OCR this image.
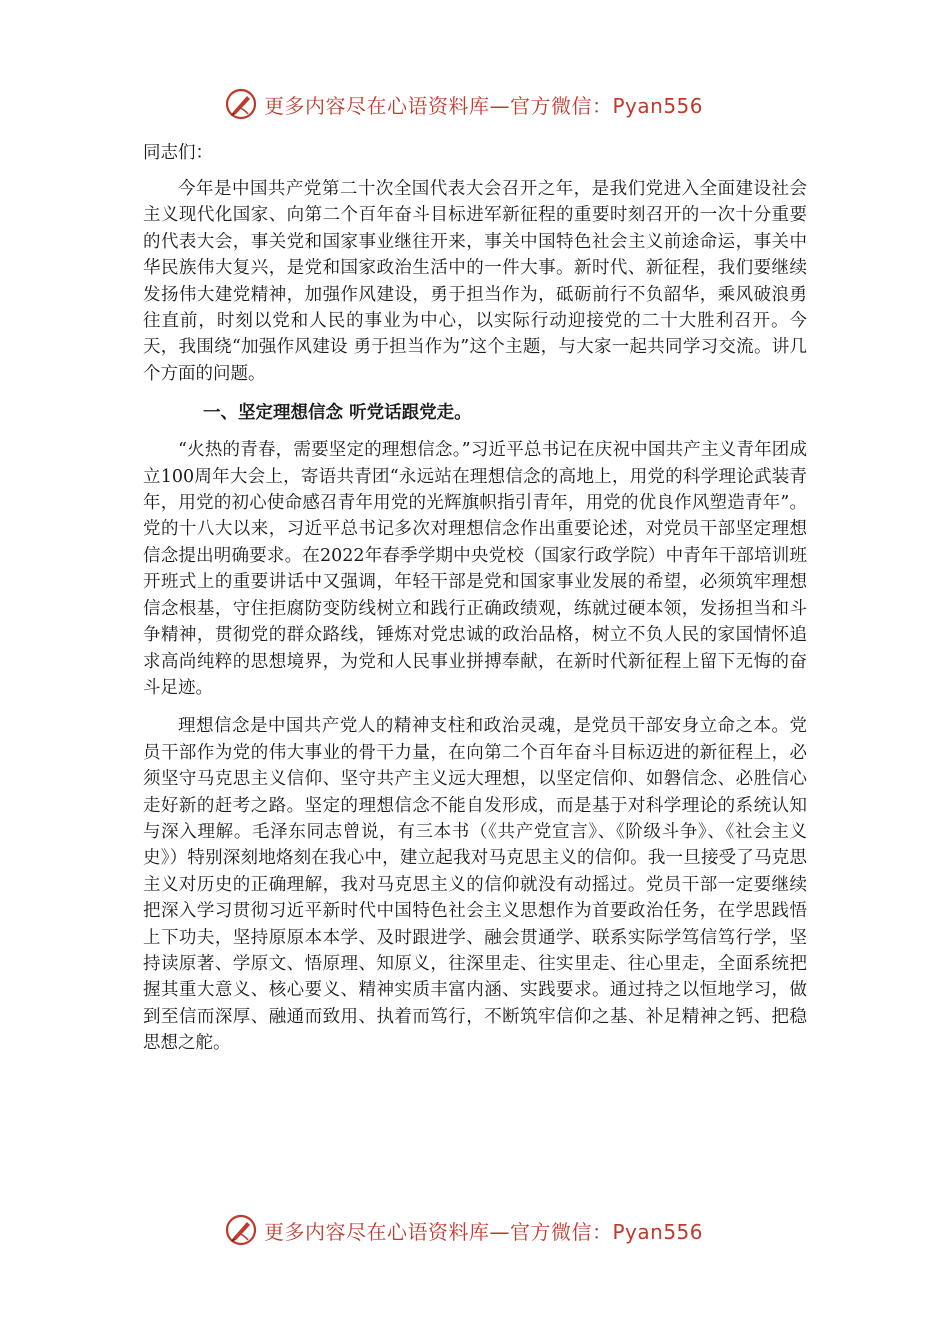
更多内容尽在心语资料库—官方微信：Pyan556

同志们：

今年是中国共产党第二十次全国代表大会召开之年，是我们党进入全面建设社会主义现代化国家、向第二个百年奋斗目标进军新征程的重要时刻召开的一次十分重要的代表大会，事关党和国家事业继往开来，事关中国特色社会主义前途命运，事关中华民族伟大复兴，是党和国家政治生活中的一件大事。新时代、新征程，我们要继续发扬伟大建党精神，加强作风建设，勇于担当作为，砥砺前行不负韶华，乘风破浪勇往直前，时刻以党和人民的事业为中心，以实际行动迎接党的二十大胜利召开。今天，我围绕“加强作风建设 勇于担当作为”这个主题，与大家一起共同学习交流。讲几个方面的问题。

一、坚定理想信念 听党话跟党走。

“火热的青春，需要坚定的理想信念。”习近平总书记在庆祝中国共产主义青年团成立100周年大会上，寄语共青团“永远站在理想信念的高地上，用党的科学理论武装青年，用党的初心使命感召青年用党的光辉旗帜指引青年，用党的优良作风塑造青年”。党的十八大以来，习近平总书记多次对理想信念作出重要论述，对党员干部坚定理想信念提出明确要求。在2022年春季学期中央党校（国家行政学院）中青年干部培训班开班式上的重要讲话中又强调，年轻干部是党和国家事业发展的希望，必须筑牢理想信念根基，守住拒腐防变防线树立和践行正确政绩观，练就过硬本领，发扬担当和斗争精神，贯彻党的群众路线，锤炼对党忠诚的政治品格，树立不负人民的家国情怀追求高尚纯粹的思想境界，为党和人民事业拼搏奉献，在新时代新征程上留下无悔的奋斗足迹。

理想信念是中国共产党人的精神支柱和政治灵魂，是党员干部安身立命之本。党员干部作为党的伟大事业的骨干力量，在向第二个百年奋斗目标迈进的新征程上，必须坚守马克思主义信仰、坚守共产主义远大理想，以坚定信仰、如磐信念、必胜信心走好新的赶考之路。坚定的理想信念不能自发形成，而是基于对科学理论的系统认知与深入理解。毛泽东同志曾说，有三本书（《共产党宣言》、《阶级斗争》、《社会主义史》）特别深刻地烙刻在我心中，建立起我对马克思主义的信仰。我一旦接受了马克思主义对历史的正确理解，我对马克思主义的信仰就没有动摇过。党员干部一定要继续把深入学习贯彻习近平新时代中国特色社会主义思想作为首要政治任务，在学思践悟上下功夫，坚持原原本本学、及时跟进学、融会贯通学、联系实际学笃信笃行学，坚持读原著、学原文、悟原理、知原义，往深里走、往实里走、往心里走，全面系统把握其重大意义、核心要义、精神实质丰富内涵、实践要求。通过持之以恒地学习，做到至信而深厚、融通而致用、执着而笃行，不断筑牢信仰之基、补足精神之钙、把稳思想之舵。

更多内容尽在心语资料库—官方微信：Pyan556
